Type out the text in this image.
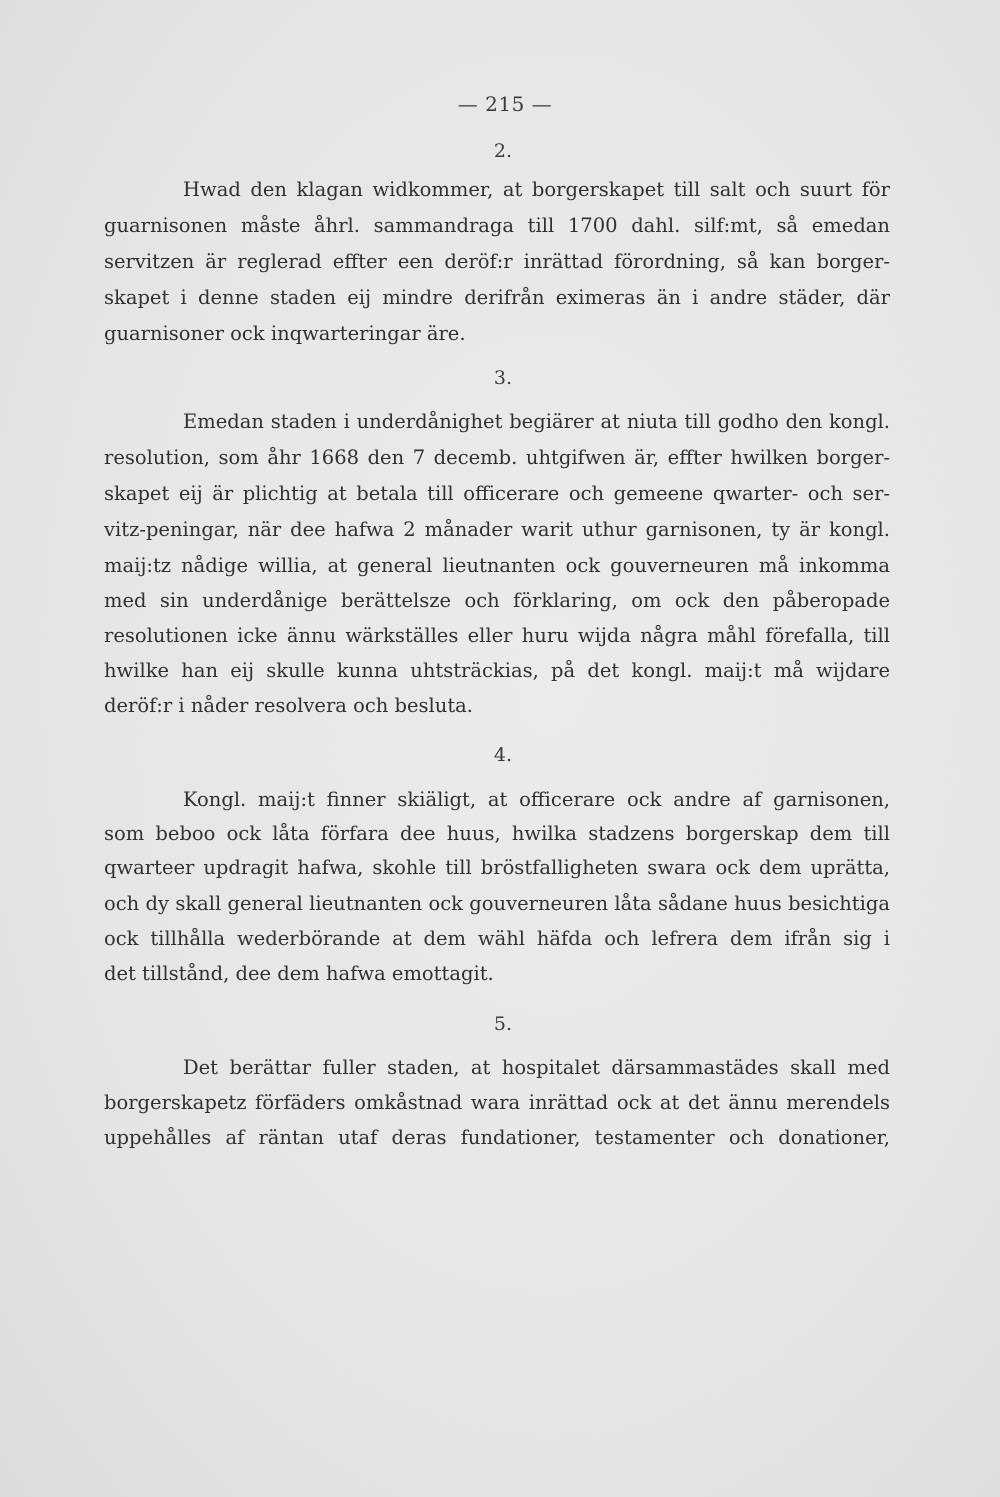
— 215 —
2.
Hwad den klagan widkommer, at borgerskapet till salt och suurt för
guarnisonen måste åhrl. sammandraga till 1700 dahl. silf:mt, så emedan
servitzen är reglerad effter een deröf:r inrättad förordning, så kan borger-
skapet i denne staden eij mindre derifrån eximeras än i andre städer, där
guarnisoner ock inqwarteringar äre.
3.
Emedan staden i underdånighet begiärer at niuta till godho den kongl.
resolution, som åhr 1668 den 7 decemb. uhtgifwen är, effter hwilken borger-
skapet eij är plichtig at betala till officerare och gemeene qwarter- och ser-
vitz-peningar, när dee hafwa 2 månader warit uthur garnisonen, ty är kongl.
maij:tz nådige willia, at general lieutnanten ock gouverneuren må inkomma
med sin underdånige berättelsze och förklaring, om ock den påberopade
resolutionen icke ännu wärkställes eller huru wijda några måhl förefalla, till
hwilke han eij skulle kunna uhtsträckias, på det kongl. maij:t må wijdare
deröf:r i nåder resolvera och besluta.
4.
Kongl. maij:t finner skiäligt, at officerare ock andre af garnisonen,
som beboo ock låta förfara dee huus, hwilka stadzens borgerskap dem till
qwarteer updragit hafwa, skohle till bröstfalligheten swara ock dem uprätta,
och dy skall general lieutnanten ock gouverneuren låta sådane huus besichtiga
ock tillhålla wederbörande at dem wähl häfda och lefrera dem ifrån sig i
det tillstånd, dee dem hafwa emottagit.
5.
Det berättar fuller staden, at hospitalet därsammastädes skall med
borgerskapetz förfäders omkåstnad wara inrättad ock at det ännu merendels
uppehålles af räntan utaf deras fundationer, testamenter och donationer,
